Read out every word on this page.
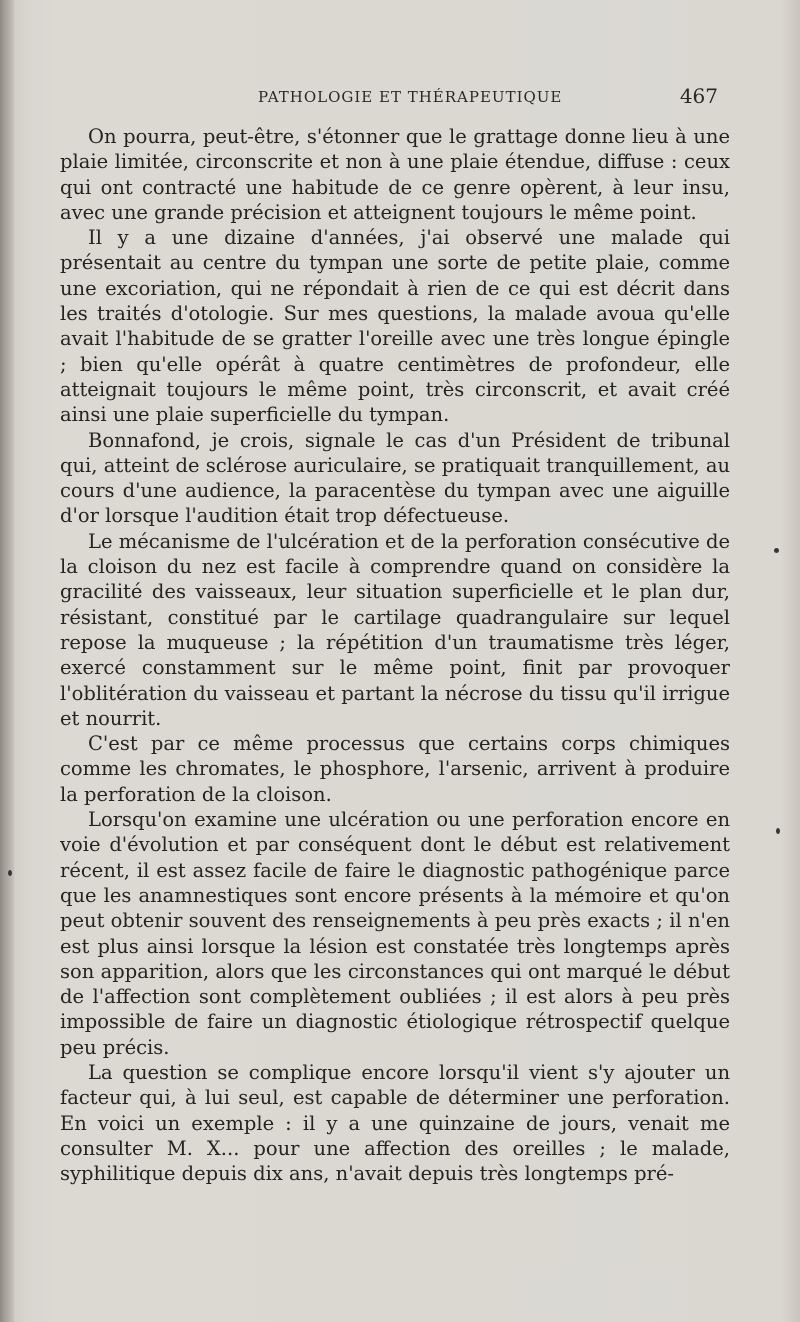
PATHOLOGIE ET THÉRAPEUTIQUE	467

On pourra, peut-être, s'étonner que le grattage donne lieu à une plaie limitée, circonscrite et non à une plaie étendue, diffuse : ceux qui ont contracté une habitude de ce genre opèrent, à leur insu, avec une grande précision et atteignent toujours le même point.

Il y a une dizaine d'années, j'ai observé une malade qui présentait au centre du tympan une sorte de petite plaie, comme une excoriation, qui ne répondait à rien de ce qui est décrit dans les traités d'otologie. Sur mes questions, la malade avoua qu'elle avait l'habitude de se gratter l'oreille avec une très longue épingle ; bien qu'elle opérât à quatre centimètres de profondeur, elle atteignait toujours le même point, très circonscrit, et avait créé ainsi une plaie superficielle du tympan.

Bonnafond, je crois, signale le cas d'un Président de tribunal qui, atteint de sclérose auriculaire, se pratiquait tranquillement, au cours d'une audience, la paracentèse du tympan avec une aiguille d'or lorsque l'audition était trop défectueuse.

Le mécanisme de l'ulcération et de la perforation consécutive de la cloison du nez est facile à comprendre quand on considère la gracilité des vaisseaux, leur situation superficielle et le plan dur, résistant, constitué par le cartilage quadrangulaire sur lequel repose la muqueuse ; la répétition d'un traumatisme très léger, exercé constamment sur le même point, finit par provoquer l'oblitération du vaisseau et partant la nécrose du tissu qu'il irrigue et nourrit.

C'est par ce même processus que certains corps chimiques comme les chromates, le phosphore, l'arsenic, arrivent à produire la perforation de la cloison.

Lorsqu'on examine une ulcération ou une perforation encore en voie d'évolution et par conséquent dont le début est relativement récent, il est assez facile de faire le diagnostic pathogénique parce que les anamnestiques sont encore présents à la mémoire et qu'on peut obtenir souvent des renseignements à peu près exacts ; il n'en est plus ainsi lorsque la lésion est constatée très longtemps après son apparition, alors que les circonstances qui ont marqué le début de l'affection sont complètement oubliées ; il est alors à peu près impossible de faire un diagnostic étiologique rétrospectif quelque peu précis.

La question se complique encore lorsqu'il vient s'y ajouter un facteur qui, à lui seul, est capable de déterminer une perforation. En voici un exemple : il y a une quinzaine de jours, venait me consulter M. X... pour une affection des oreilles ; le malade, syphilitique depuis dix ans, n'avait depuis très longtemps pré-
